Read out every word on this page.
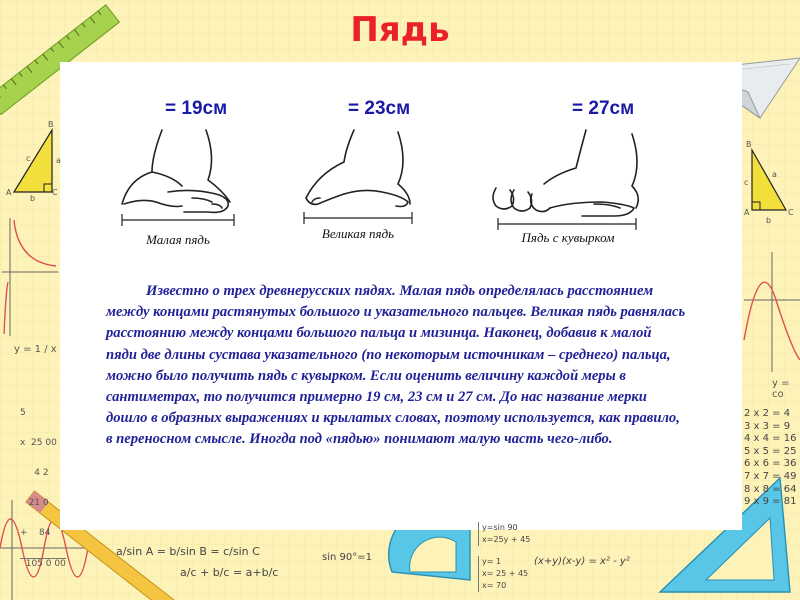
Пядь

= 19см	= 23см	= 27см

Малая пядь	Великая пядь	Пядь с кувырком

Известно о трех древнерусских пядях. Малая пядь определялась расстоянием между концами растянутых большого и указательного пальцев. Великая пядь равнялась расстоянию между концами большого пальца и мизинца. Наконец, добавив к малой пяди две длины сустава указательного (по некоторым источникам – среднего) пальца, можно было получить пядь с кувырком. Если оценить величину каждой меры в сантиметрах, то получится примерно 19 см, 23 см и 27 см. До нас название мерки дошло в образных выражениях и крылатых словах, поэтому используется, как правило, в переносном смысле. Иногда под «пядью» понимают малую часть чего-либо.

y = 1 / x
y = co
B
A	C
a
c
b
B
A	C
c
a
b

5

x  25 00

4 2

21 0

+    84

105 0 00

2 x 2 = 4
3 x 3 = 9
4 x 4 = 16
5 x 5 = 25
6 x 6 = 36
7 x 7 = 49
8 x 8 = 64
9 x 9 = 81
a/sin A = b/sin B = c/sin C
a/c + b/c = a+b/c
sin 90°=1
y=sin 90
x=25y + 45
y= 1
x= 25 + 45
x= 70
(x+y)(x-y) = x² - y²
